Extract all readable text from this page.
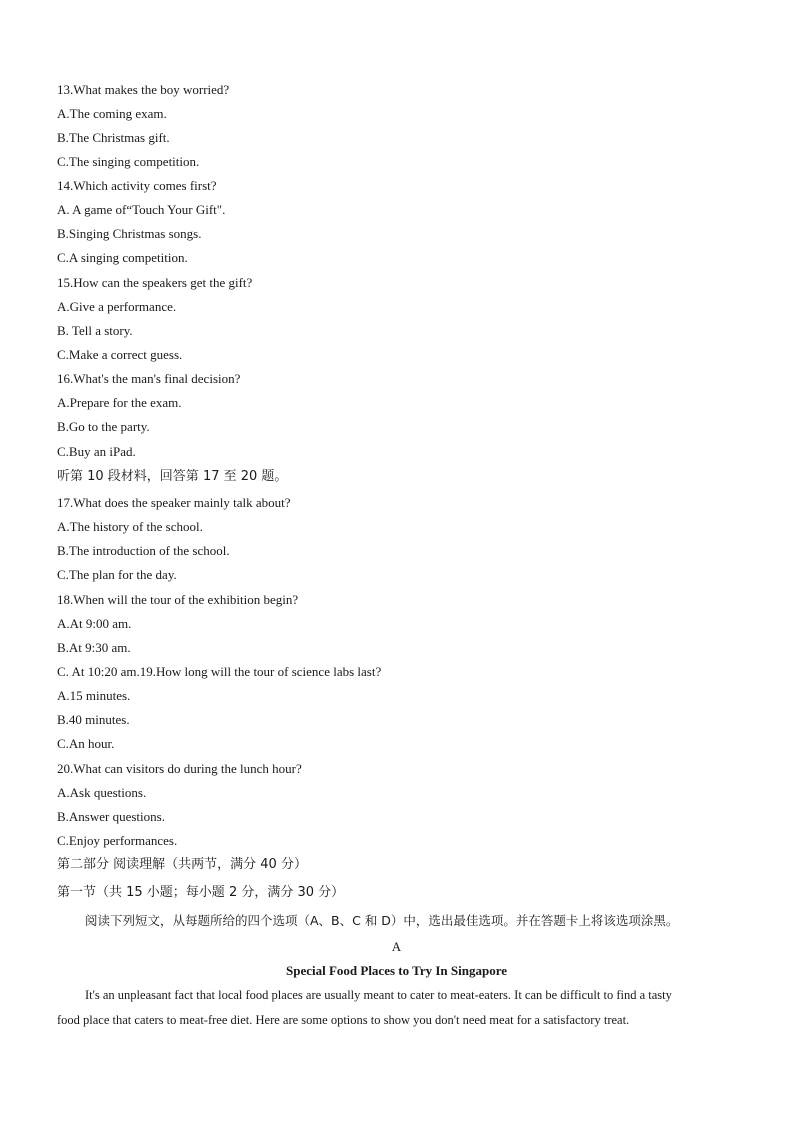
13.What makes the boy worried?
A.The coming exam.
B.The Christmas gift.
C.The singing competition.
14.Which activity comes first?
A. A game of“Touch Your Gift".
B.Singing Christmas songs.
C.A singing competition.
15.How can the speakers get the gift?
A.Give a performance.
B. Tell a story.
C.Make a correct guess.
16.What's the man's final decision?
A.Prepare for the exam.
B.Go to the party.
C.Buy an iPad.
听第 10 段材料，回答第 17 至 20 题。
17.What does the speaker mainly talk about?
A.The history of the school.
B.The introduction of the school.
C.The plan for the day.
18.When will the tour of the exhibition begin?
A.At 9:00 am.
B.At 9:30 am.
C. At 10:20 am.19.How long will the tour of science labs last?
A.15 minutes.
B.40 minutes.
C.An hour.
20.What can visitors do during the lunch hour?
A.Ask questions.
B.Answer questions.
C.Enjoy performances.
第二部分 阅读理解（共两节，满分 40 分）
第一节（共 15 小题；每小题 2 分，满分 30 分）
阅读下列短文，从每题所给的四个选项（A、B、C 和 D）中，选出最佳选项。并在答题卡上将该选项涂黑。
A
Special Food Places to Try In Singapore
It's an unpleasant fact that local food places are usually meant to cater to meat-eaters. It can be difficult to find a tasty
food place that caters to meat-free diet. Here are some options to show you don't need meat for a satisfactory treat.
